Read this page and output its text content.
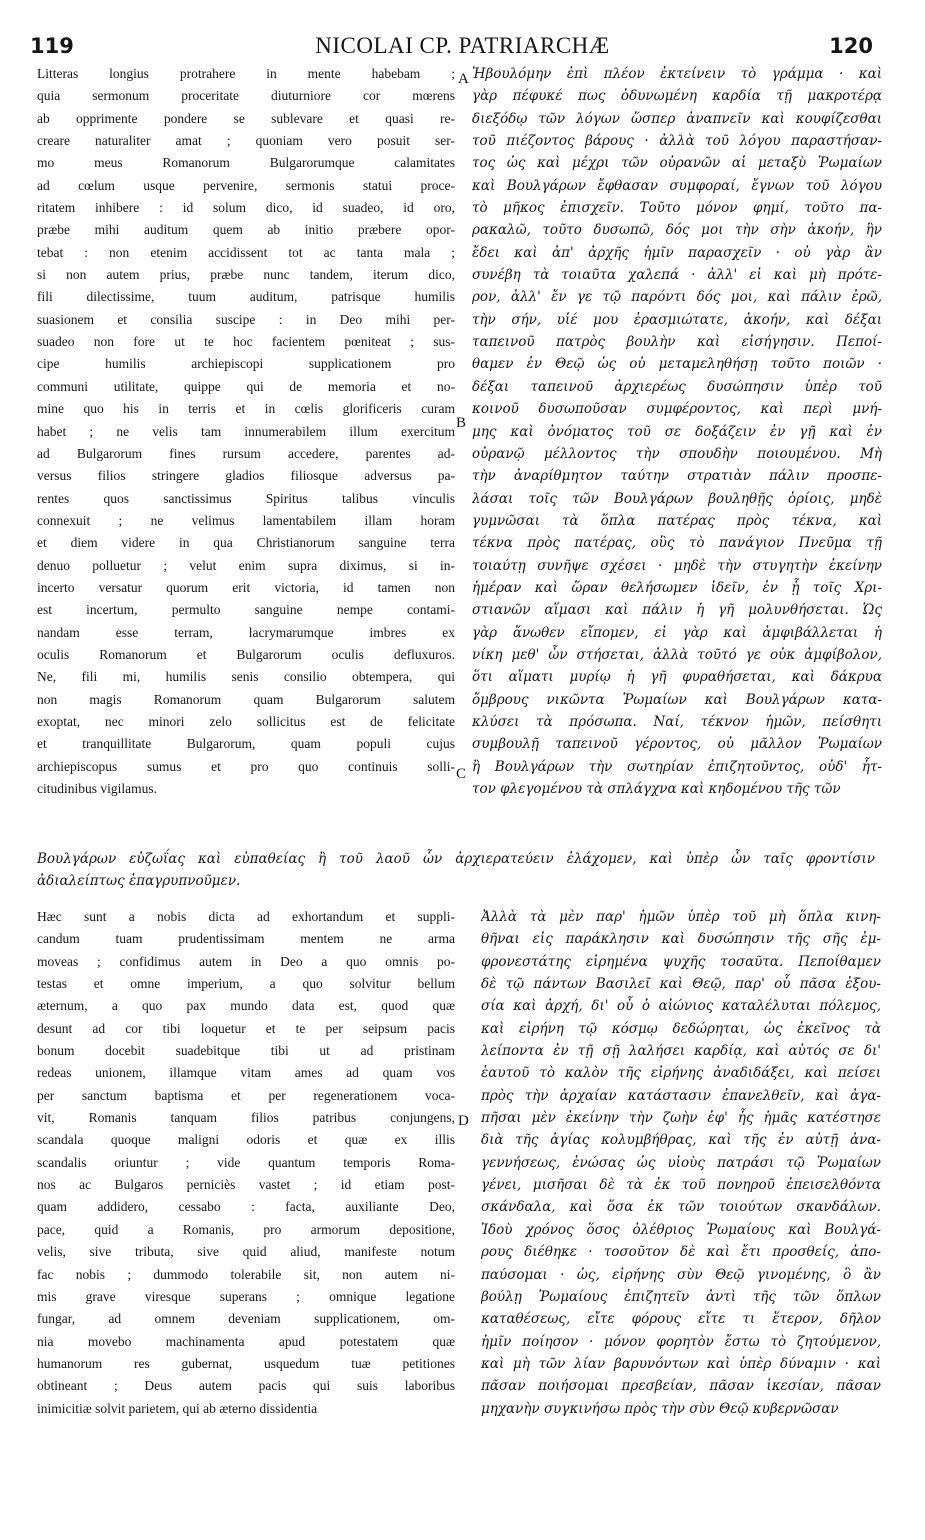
119	NICOLAI CP. PATRIARCHÆ	120
Litteras longius protrahere in mente habebam ;
quia sermonum proceritate diuturniore cor mœrens
ab opprimente pondere se sublevare et quasi re-
creare naturaliter amat ; quoniam vero posuit ser-
mo meus Romanorum Bulgarorumque calamitates
ad cœlum usque pervenire, sermonis statui proce-
ritatem inhibere : id solum dico, id suadeo, id oro,
præbe mihi auditum quem ab initio præbere opor-
tebat : non etenim accidissent tot ac tanta mala ;
si non autem prius, præbe nunc tandem, iterum dico,
fili dilectissime, tuum auditum, patrisque humilis
suasionem et consilia suscipe : in Deo mihi per-
suadeo non fore ut te hoc facientem pœniteat ; sus-
cipe humilis archiepiscopi supplicationem pro
communi utilitate, quippe qui de memoria et no-
mine quo his in terris et in cœlis glorificeris curam
habet ; ne velis tam innumerabilem illum exercitum
ad Bulgarorum fines rursum accedere, parentes ad-
versus filios stringere gladios filiosque adversus pa-
rentes quos sanctissimus Spiritus talibus vinculis
connexuit ; ne velimus lamentabilem illam horam
et diem videre in qua Christianorum sanguine terra
denuo polluetur ; velut enim supra diximus, si in-
incerto versatur quorum erit victoria, id tamen non
est incertum, permulto sanguine nempe contami-
nandam esse terram, lacrymarumque imbres ex
oculis Romanorum et Bulgarorum oculis defluxuros.
Ne, fili mi, humilis senis consilio obtempera, qui
non magis Romanorum quam Bulgarorum salutem
exoptat, nec minori zelo sollicitus est de felicitate
et tranquillitate Bulgarorum, quam populi cujus
archiepiscopus sumus et pro quo continuis solli-
citudinibus vigilamus.
Ἠβουλόμην ἐπὶ πλέον ἐκτείνειν τὸ γράμμα · καὶ
γὰρ πέφυκέ πως ὀδυνωμένη καρδία τῇ μακροτέρᾳ
διεξόδῳ τῶν λόγων ὥσπερ ἀναπνεῖν καὶ κουφίζεσθαι
τοῦ πιέζοντος βάρους · ἀλλὰ τοῦ λόγου παραστήσαν-
τος ὡς καὶ μέχρι τῶν οὐρανῶν αἱ μεταξὺ Ῥωμαίων
καὶ Βουλγάρων ἔφθασαν συμφοραί, ἔγνων τοῦ λόγου
τὸ μῆκος ἐπισχεῖν. Τοῦτο μόνον φημί, τοῦτο πα-
ρακαλῶ, τοῦτο δυσωπῶ, δός μοι τὴν σὴν ἀκοήν, ἣν
ἔδει καὶ ἀπ' ἀρχῆς ἡμῖν παρασχεῖν · οὐ γὰρ ἂν
συνέβη τὰ τοιαῦτα χαλεπά · ἀλλ' εἰ καὶ μὴ πρότε-
ρον, ἀλλ' ἔν γε τῷ παρόντι δός μοι, καὶ πάλιν ἐρῶ,
τὴν σήν, υἱέ μου ἐρασμιώτατε, ἀκοήν, καὶ δέξαι
ταπεινοῦ πατρὸς βουλὴν καὶ εἰσήγησιν. Πεποί-
θαμεν ἐν Θεῷ ὡς οὐ μεταμεληθήσῃ τοῦτο ποιῶν ·
δέξαι ταπεινοῦ ἀρχιερέως δυσώπησιν ὑπὲρ τοῦ
κοινοῦ δυσωποῦσαν συμφέροντος, καὶ περὶ μνή-
μης καὶ ὀνόματος τοῦ σε δοξάζειν ἐν γῇ καὶ ἐν
οὐρανῷ μέλλοντος τὴν σπουδὴν ποιουμένου. Μὴ
τὴν ἀναρίθμητον ταύτην στρατιὰν πάλιν προσπε-
λάσαι τοῖς τῶν Βουλγάρων βουληθῇς ὁρίοις, μηδὲ
γυμνῶσαι τὰ ὅπλα πατέρας πρὸς τέκνα, καὶ
τέκνα πρὸς πατέρας, οὓς τὸ πανάγιον Πνεῦμα τῇ
τοιαύτῃ συνῆψε σχέσει · μηδὲ τὴν στυγητὴν ἐκείνην
ἡμέραν καὶ ὥραν θελήσωμεν ἰδεῖν, ἐν ᾗ τοῖς Χρι-
στιανῶν αἵμασι καὶ πάλιν ἡ γῆ μολυνθήσεται. Ὡς
γὰρ ἄνωθεν εἴπομεν, εἰ γὰρ καὶ ἀμφιβάλλεται ἡ
νίκη μεθ' ὧν στήσεται, ἀλλὰ τοῦτό γε οὐκ ἀμφίβολον,
ὅτι αἵματι μυρίῳ ἡ γῆ φυραθήσεται, καὶ δάκρυα
ὄμβρους νικῶντα Ῥωμαίων καὶ Βουλγάρων κατα-
κλύσει τὰ πρόσωπα. Ναί, τέκνον ἡμῶν, πείσθητι
συμβουλῇ ταπεινοῦ γέροντος, οὐ μᾶλλον Ῥωμαίων
ἢ Βουλγάρων τὴν σωτηρίαν ἐπιζητοῦντος, οὐδ' ἧτ-
τον φλεγομένου τὰ σπλάγχνα καὶ κηδομένου τῆς τῶν
Βουλγάρων εὐζωΐας καὶ εὐπαθείας ἢ τοῦ λαοῦ ὧν ἀρχιερατεύειν ἐλάχομεν, καὶ ὑπὲρ ὧν ταῖς φροντίσιν
ἀδιαλείπτως ἐπαγρυπνοῦμεν.
Hæc sunt a nobis dicta ad exhortandum et suppli-
candum tuam prudentissimam mentem ne arma
moveas ; confidimus autem in Deo a quo omnis po-
testas et omne imperium, a quo solvitur bellum
æternum, a quo pax mundo data est, quod quæ
desunt ad cor tibi loquetur et te per seipsum pacis
bonum docebit suadebitque tibi ut ad pristinam
redeas unionem, illamque vitam ames ad quam vos
per sanctum baptisma et per regenerationem voca-
vit, Romanis tanquam filios patribus conjungens,
scandala quoque maligni odoris et quæ ex illis
scandalis oriuntur ; vide quantum temporis Roma-
nos ac Bulgaros perniciès vastet ; id etiam post-
quam addidero, cessabo : facta, auxiliante Deo,
pace, quid a Romanis, pro armorum depositione,
velis, sive tributa, sive quid aliud, manifeste notum
fac nobis ; dummodo tolerabile sit, non autem ni-
mis grave viresque superans ; omnique legatione
fungar, ad omnem deveniam supplicationem, om-
nia movebo machinamenta apud potestatem quæ
humanorum res gubernat, usquedum tuæ petitiones
obtineant ; Deus autem pacis qui suis laboribus
inimicitiæ solvit parietem, qui ab æterno dissidentia
Ἀλλὰ τὰ μὲν παρ' ἡμῶν ὑπὲρ τοῦ μὴ ὅπλα κινη-
θῆναι εἰς παράκλησιν καὶ δυσώπησιν τῆς σῆς ἐμ-
φρονεστάτης εἰρημένα ψυχῆς τοσαῦτα. Πεποίθαμεν
δὲ τῷ πάντων Βασιλεῖ καὶ Θεῷ, παρ' οὗ πᾶσα ἐξου-
σία καὶ ἀρχή, δι' οὗ ὁ αἰώνιος καταλέλυται πόλεμος,
καὶ εἰρήνη τῷ κόσμῳ δεδώρηται, ὡς ἐκεῖνος τὰ
λείποντα ἐν τῇ σῇ λαλήσει καρδίᾳ, καὶ αὐτός σε δι'
ἑαυτοῦ τὸ καλὸν τῆς εἰρήνης ἀναδιδάξει, καὶ πείσει
πρὸς τὴν ἀρχαίαν κατάστασιν ἐπανελθεῖν, καὶ ἀγα-
πῆσαι μὲν ἐκείνην τὴν ζωὴν ἐφ' ἧς ἡμᾶς κατέστησε
διὰ τῆς ἁγίας κολυμβήθρας, καὶ τῆς ἐν αὐτῇ ἀνα-
γεννήσεως, ἑνώσας ὡς υἱοὺς πατράσι τῷ Ῥωμαίων
γένει, μισῆσαι δὲ τὰ ἐκ τοῦ πονηροῦ ἐπεισελθόντα
σκάνδαλα, καὶ ὅσα ἐκ τῶν τοιούτων σκανδάλων.
Ἰδοὺ χρόνος ὅσος ὀλέθριος Ῥωμαίους καὶ Βουλγά-
ρους διέθηκε · τοσοῦτον δὲ καὶ ἔτι προσθείς, ἀπο-
παύσομαι · ὡς, εἰρήνης σὺν Θεῷ γινομένης, ὃ ἂν
βούλῃ Ῥωμαίους ἐπιζητεῖν ἀντὶ τῆς τῶν ὅπλων
καταθέσεως, εἴτε φόρους εἴτε τι ἕτερον, δῆλον
ἡμῖν ποίησον · μόνον φορητὸν ἔστω τὸ ζητούμενον,
καὶ μὴ τῶν λίαν βαρυνόντων καὶ ὑπὲρ δύναμιν · καὶ
πᾶσαν ποιήσομαι πρεσβείαν, πᾶσαν ἱκεσίαν, πᾶσαν
μηχανὴν συγκινήσω πρὸς τὴν σὺν Θεῷ κυβερνῶσαν
A
B
C
D
